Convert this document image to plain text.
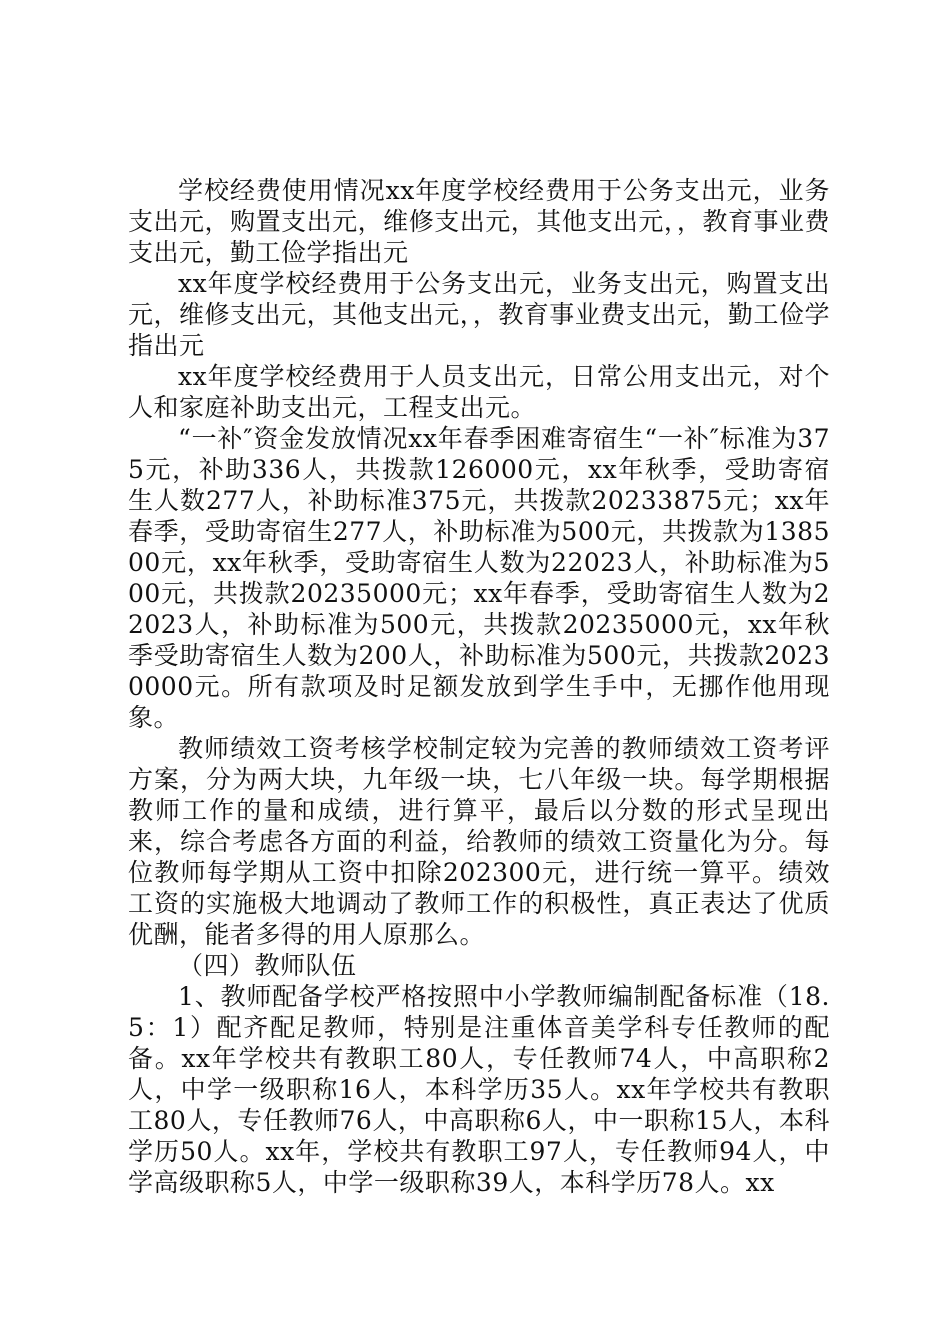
学校经费使用情况xx年度学校经费用于公务支出元，业务支出元，购置支出元，维修支出元，其他支出元，，教育事业费支出元，勤工俭学指出元

xx年度学校经费用于公务支出元，业务支出元，购置支出元，维修支出元，其他支出元，，教育事业费支出元，勤工俭学指出元

xx年度学校经费用于人员支出元，日常公用支出元，对个人和家庭补助支出元，工程支出元。

“一补″资金发放情况xx年春季困难寄宿生“一补″标准为375元，补助336人，共拨款126000元，xx年秋季，受助寄宿生人数277人，补助标准375元，共拨款20233875元；xx年春季，受助寄宿生277人，补助标准为500元，共拨款为138500元，xx年秋季，受助寄宿生人数为22023人，补助标准为500元，共拨款20235000元；xx年春季，受助寄宿生人数为22023人，补助标准为500元，共拨款20235000元，xx年秋季受助寄宿生人数为200人，补助标准为500元，共拨款20230000元。所有款项及时足额发放到学生手中，无挪作他用现象。

教师绩效工资考核学校制定较为完善的教师绩效工资考评方案，分为两大块，九年级一块，七八年级一块。每学期根据教师工作的量和成绩，进行算平，最后以分数的形式呈现出来，综合考虑各方面的利益，给教师的绩效工资量化为分。每位教师每学期从工资中扣除202300元，进行统一算平。绩效工资的实施极大地调动了教师工作的积极性，真正表达了优质优酬，能者多得的用人原那么。

（四）教师队伍

1、教师配备学校严格按照中小学教师编制配备标准（18.5：1）配齐配足教师，特别是注重体音美学科专任教师的配备。xx年学校共有教职工80人，专任教师74人，中高职称2人，中学一级职称16人，本科学历35人。xx年学校共有教职工80人，专任教师76人，中高职称6人，中一职称15人，本科学历50人。xx年，学校共有教职工97人，专任教师94人，中学高级职称5人，中学一级职称39人，本科学历78人。xx
